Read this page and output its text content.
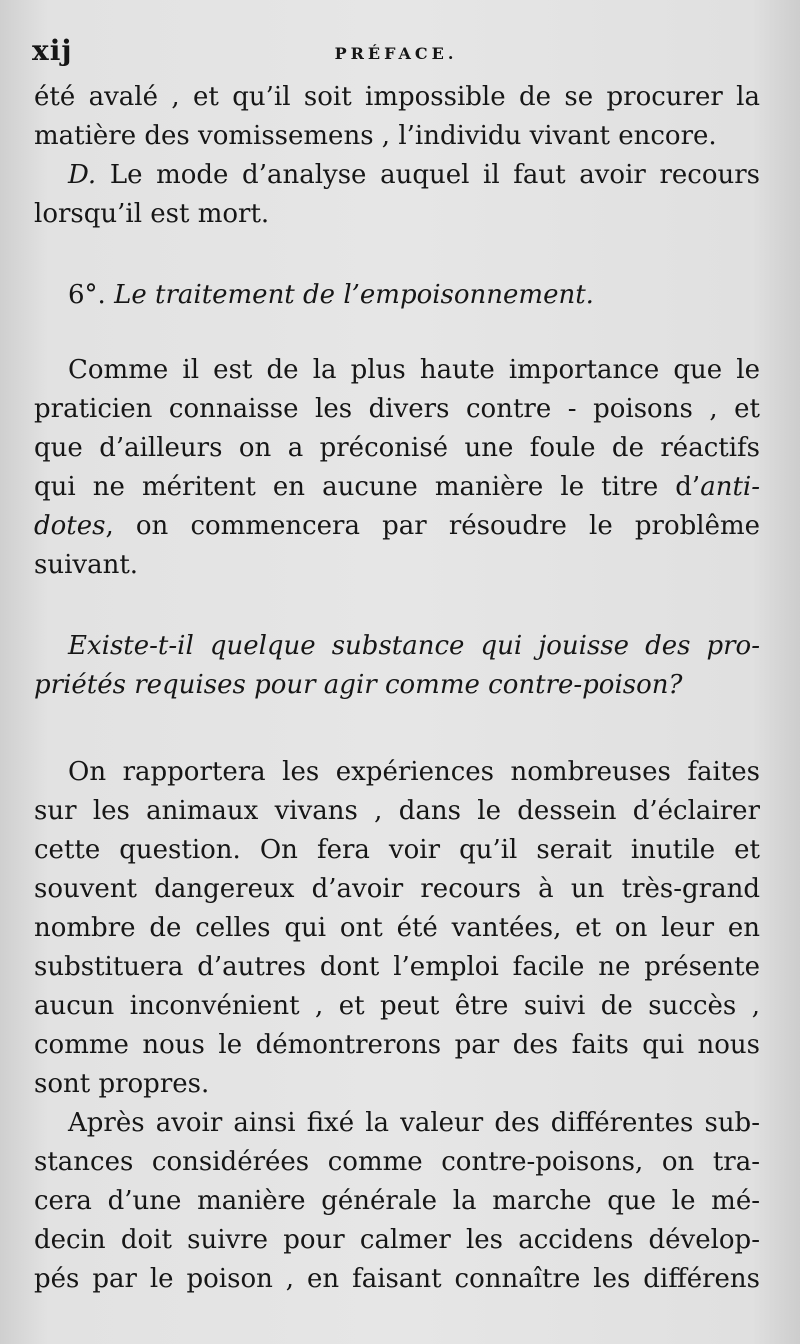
xij	PRÉFACE.
été avalé , et qu’il soit impossible de se procurer la
matière des vomissemens , l’individu vivant encore.
D. Le mode d’analyse auquel il faut avoir recours
lorsqu’il est mort.
6°. Le traitement de l’empoisonnement.
Comme il est de la plus haute importance que le
praticien connaisse les divers contre - poisons , et
que d’ailleurs on a préconisé une foule de réactifs
qui ne méritent en aucune manière le titre d’anti-
dotes, on commencera par résoudre le problême
suivant.
Existe-t-il quelque substance qui jouisse des pro-
priétés requises pour agir comme contre-poison?
On rapportera les expériences nombreuses faites
sur les animaux vivans , dans le dessein d’éclairer
cette question. On fera voir qu’il serait inutile et
souvent dangereux d’avoir recours à un très-grand
nombre de celles qui ont été vantées, et on leur en
substituera d’autres dont l’emploi facile ne présente
aucun inconvénient , et peut être suivi de succès ,
comme nous le démontrerons par des faits qui nous
sont propres.
Après avoir ainsi fixé la valeur des différentes sub-
stances considérées comme contre-poisons, on tra-
cera d’une manière générale la marche que le mé-
decin doit suivre pour calmer les accidens dévelop-
pés par le poison , en faisant connaître les différens
